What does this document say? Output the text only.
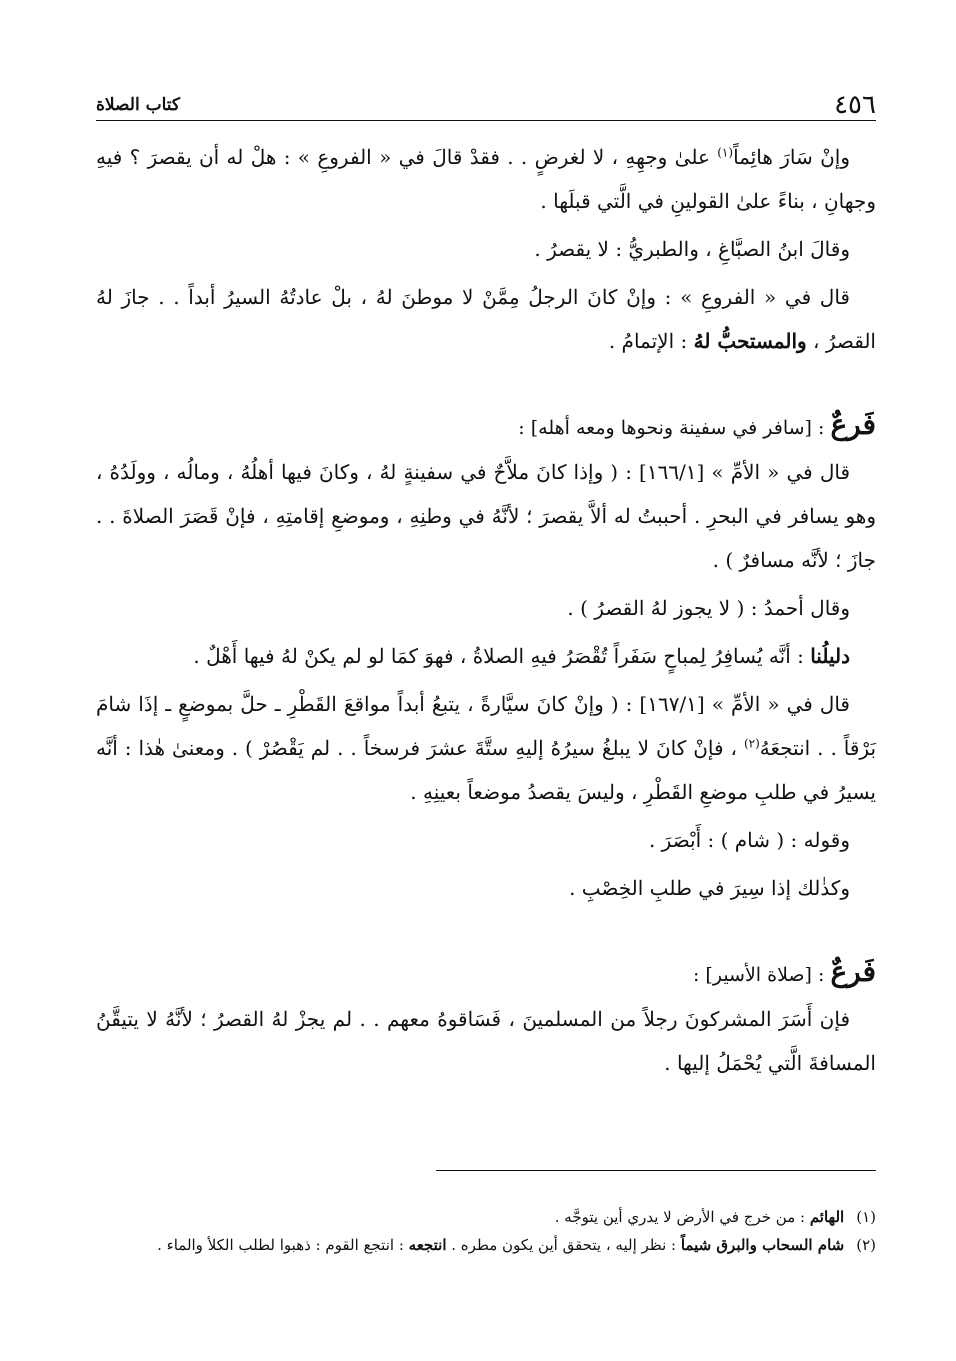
٤٥٦
كتاب الصلاة

وإنْ سَارَ هائِماً$^{(١)}$ علىٰ وجهِهِ ، لا لغرضٍ . . فقدْ قالَ في « الفروعِ » : هلْ له أن يقصرَ ؟ فيهِ وجهانِ ، بناءً علىٰ القولينِ في الَّتي قبلَها .

وقالَ ابنُ الصبَّاغِ ، والطبريُّ : لا يقصرُ .

قال في « الفروعِ » : وإنْ كانَ الرجلُ مِمَّنْ لا موطنَ لهُ ، بلْ عادتُهُ السيرُ أبداً . . جازَ لهُ القصرُ ، والمستحبُّ لهُ : الإتمامُ .

فَرعٌ : [سافر في سفينة ونحوها ومعه أهله] :

قال في « الأمِّ » [١٦٦/١] : ( وإذا كانَ ملاَّحٌ في سفينةٍ لهُ ، وكانَ فيها أهلُهُ ، ومالُه ، وولَدُهُ ، وهو يسافر في البحرِ . أحببتُ له ألاَّ يقصرَ ؛ لأنَّهُ في وطنِهِ ، وموضعِ إقامتِهِ ، فإنْ قَصَرَ الصلاةَ . . جازَ ؛ لأنَّه مسافرٌ ) .

وقال أحمدُ : ( لا يجوز لهُ القصرُ ) .

دليلُنا : أنَّه يُسافِرُ لِمباحٍ سَفَراً تُقْصَرُ فيهِ الصلاةُ ، فهوَ كمَا لو لم يكنْ لهُ فيها أَهْلٌ .

قال في « الأمِّ » [١٦٧/١] : ( وإنْ كانَ سيَّارةً ، يتبعُ أبداً مواقعَ القَطْرِ ـ حلَّ بموضعٍ ـ إذَا شامَ بَرْقاً . . انتجعَهُ$^{(٢)}$ ، فإنْ كانَ لا يبلغُ سيرُهُ إليهِ ستَّةَ عشرَ فرسخاً . . لم يَقْصُرْ ) . ومعنىٰ هٰذا : أنَّه يسيرُ في طلبِ موضعِ القَطْرِ ، وليسَ يقصدُ موضعاً بعينِهِ .

وقوله : ( شام ) : أَبْصَرَ .

وكذٰلك إذا سِيرَ في طلبِ الخِصْبِ .

فَرعٌ : [صلاة الأسير] :

فإن أَسَرَ المشركونَ رجلاً من المسلمينَ ، فَسَاقوهُ معهم . . لم يجزْ لهُ القصرُ ؛ لأنَّهُ لا يتيقَّنُ المسافةَ الَّتي يُحْمَلُ إليها .

(١)
الهائم : من خرج في الأرض لا يدري أين يتوجَّه .
(٢)
شام السحاب والبرق شيماً : نظر إليه ، يتحقق أين يكون مطره . انتجعه : انتجع القوم : ذهبوا لطلب الكلأ والماء .
